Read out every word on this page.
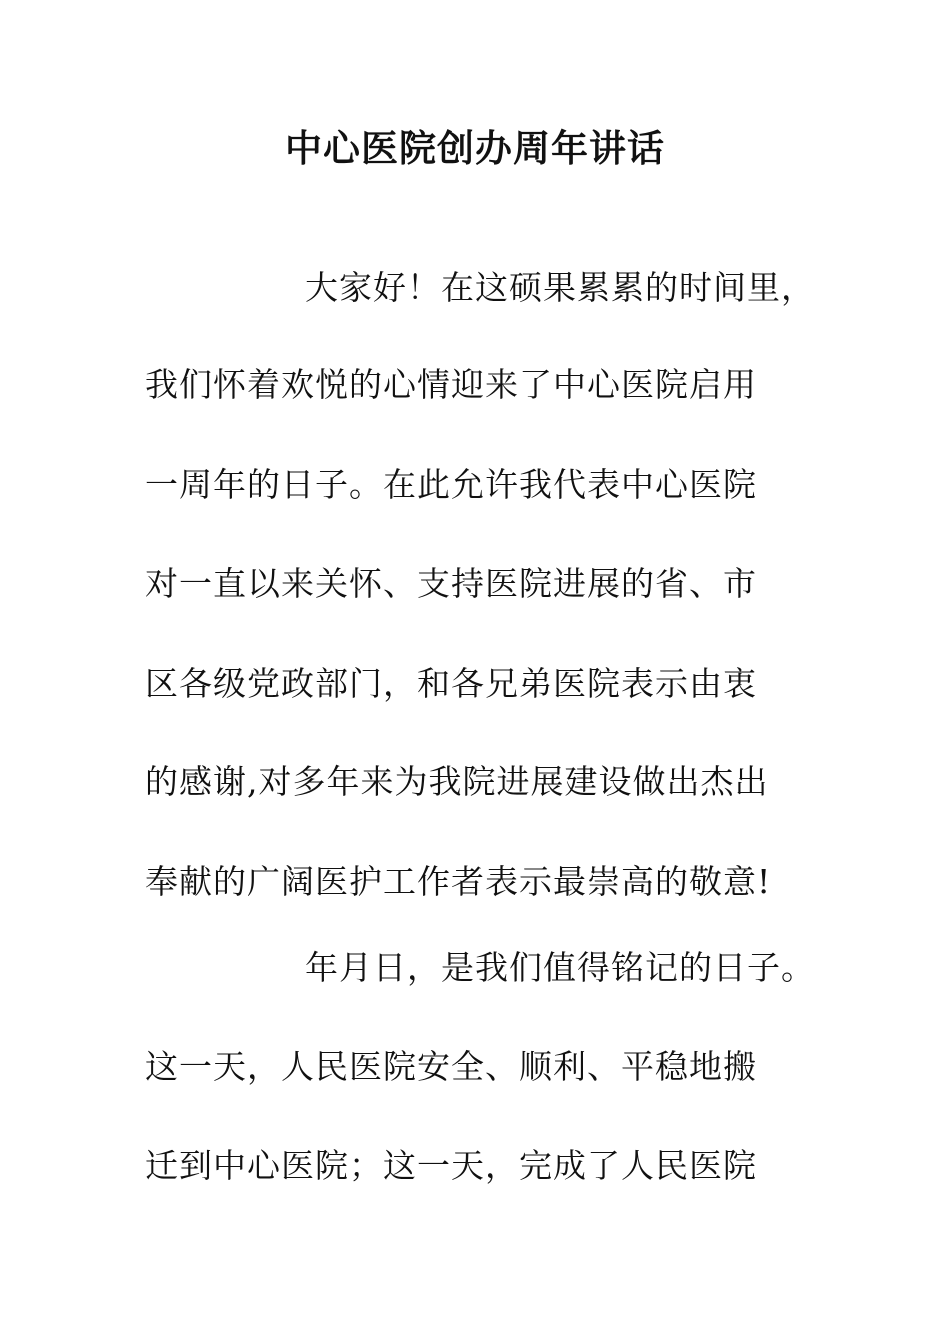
中心医院创办周年讲话
大家好！在这硕果累累的时间里，
我们怀着欢悦的心情迎来了中心医院启用
一周年的日子。在此允许我代表中心医院
对一直以来关怀、支持医院进展的省、市
区各级党政部门，和各兄弟医院表示由衷
的感谢,对多年来为我院进展建设做出杰出
奉献的广阔医护工作者表示最崇高的敬意!
年月日，是我们值得铭记的日子。
这一天，人民医院安全、顺利、平稳地搬
迁到中心医院；这一天，完成了人民医院
